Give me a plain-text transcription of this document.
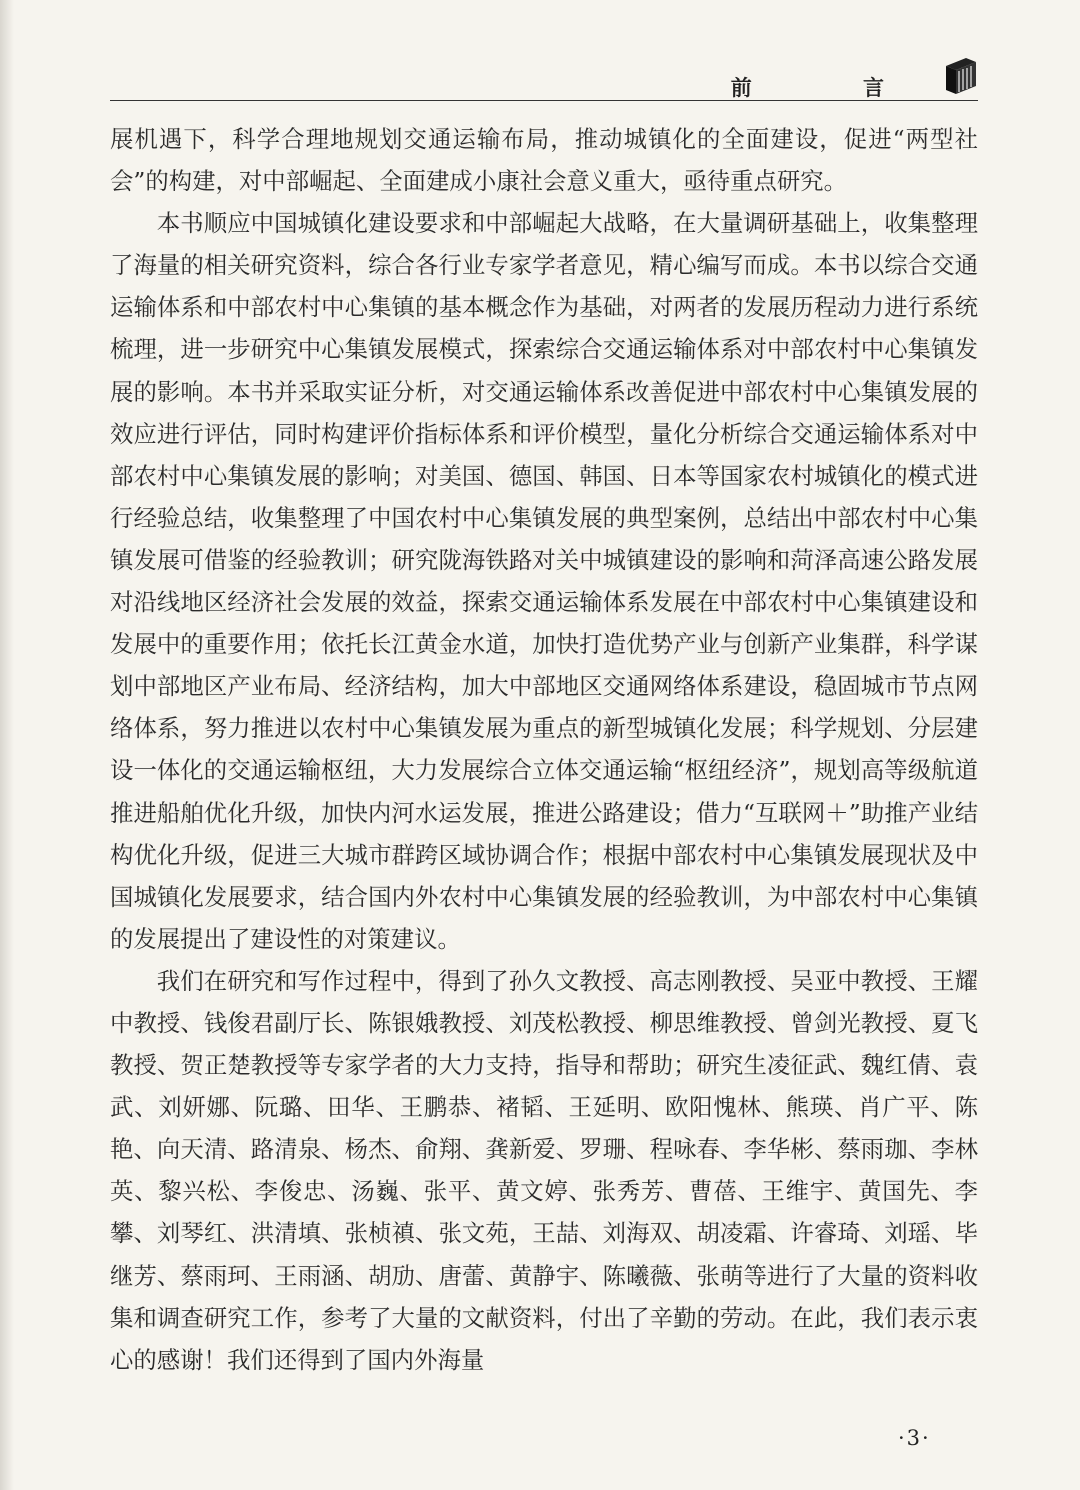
前 言

展机遇下，科学合理地规划交通运输布局，推动城镇化的全面建设，促进“两型社会”的构建，对中部崛起、全面建成小康社会意义重大，亟待重点研究。

本书顺应中国城镇化建设要求和中部崛起大战略，在大量调研基础上，收集整理了海量的相关研究资料，综合各行业专家学者意见，精心编写而成。本书以综合交通运输体系和中部农村中心集镇的基本概念作为基础，对两者的发展历程动力进行系统梳理，进一步研究中心集镇发展模式，探索综合交通运输体系对中部农村中心集镇发展的影响。本书并采取实证分析，对交通运输体系改善促进中部农村中心集镇发展的效应进行评估，同时构建评价指标体系和评价模型，量化分析综合交通运输体系对中部农村中心集镇发展的影响；对美国、德国、韩国、日本等国家农村城镇化的模式进行经验总结，收集整理了中国农村中心集镇发展的典型案例，总结出中部农村中心集镇发展可借鉴的经验教训；研究陇海铁路对关中城镇建设的影响和菏泽高速公路发展对沿线地区经济社会发展的效益，探索交通运输体系发展在中部农村中心集镇建设和发展中的重要作用；依托长江黄金水道，加快打造优势产业与创新产业集群，科学谋划中部地区产业布局、经济结构，加大中部地区交通网络体系建设，稳固城市节点网络体系，努力推进以农村中心集镇发展为重点的新型城镇化发展；科学规划、分层建设一体化的交通运输枢纽，大力发展综合立体交通运输“枢纽经济”，规划高等级航道推进船舶优化升级，加快内河水运发展，推进公路建设；借力“互联网＋”助推产业结构优化升级，促进三大城市群跨区域协调合作；根据中部农村中心集镇发展现状及中国城镇化发展要求，结合国内外农村中心集镇发展的经验教训，为中部农村中心集镇的发展提出了建设性的对策建议。

我们在研究和写作过程中，得到了孙久文教授、高志刚教授、吴亚中教授、王耀中教授、钱俊君副厅长、陈银娥教授、刘茂松教授、柳思维教授、曾剑光教授、夏飞教授、贺正楚教授等专家学者的大力支持，指导和帮助；研究生凌征武、魏红倩、袁武、刘妍娜、阮璐、田华、王鹏恭、褚韬、王延明、欧阳愧林、熊瑛、肖广平、陈艳、向天清、路清泉、杨杰、俞翔、龚新爱、罗珊、程咏春、李华彬、蔡雨珈、李林英、黎兴松、李俊忠、汤巍、张平、黄文婷、张秀芳、曹蓓、王维宇、黄国先、李攀、刘琴红、洪清填、张桢禛、张文苑，王喆、刘海双、胡凌霜、许睿琦、刘瑶、毕继芳、蔡雨珂、王雨涵、胡劢、唐蕾、黄静宇、陈曦薇、张萌等进行了大量的资料收集和调查研究工作，参考了大量的文献资料，付出了辛勤的劳动。在此，我们表示衷心的感谢！我们还得到了国内外海量

·3·
